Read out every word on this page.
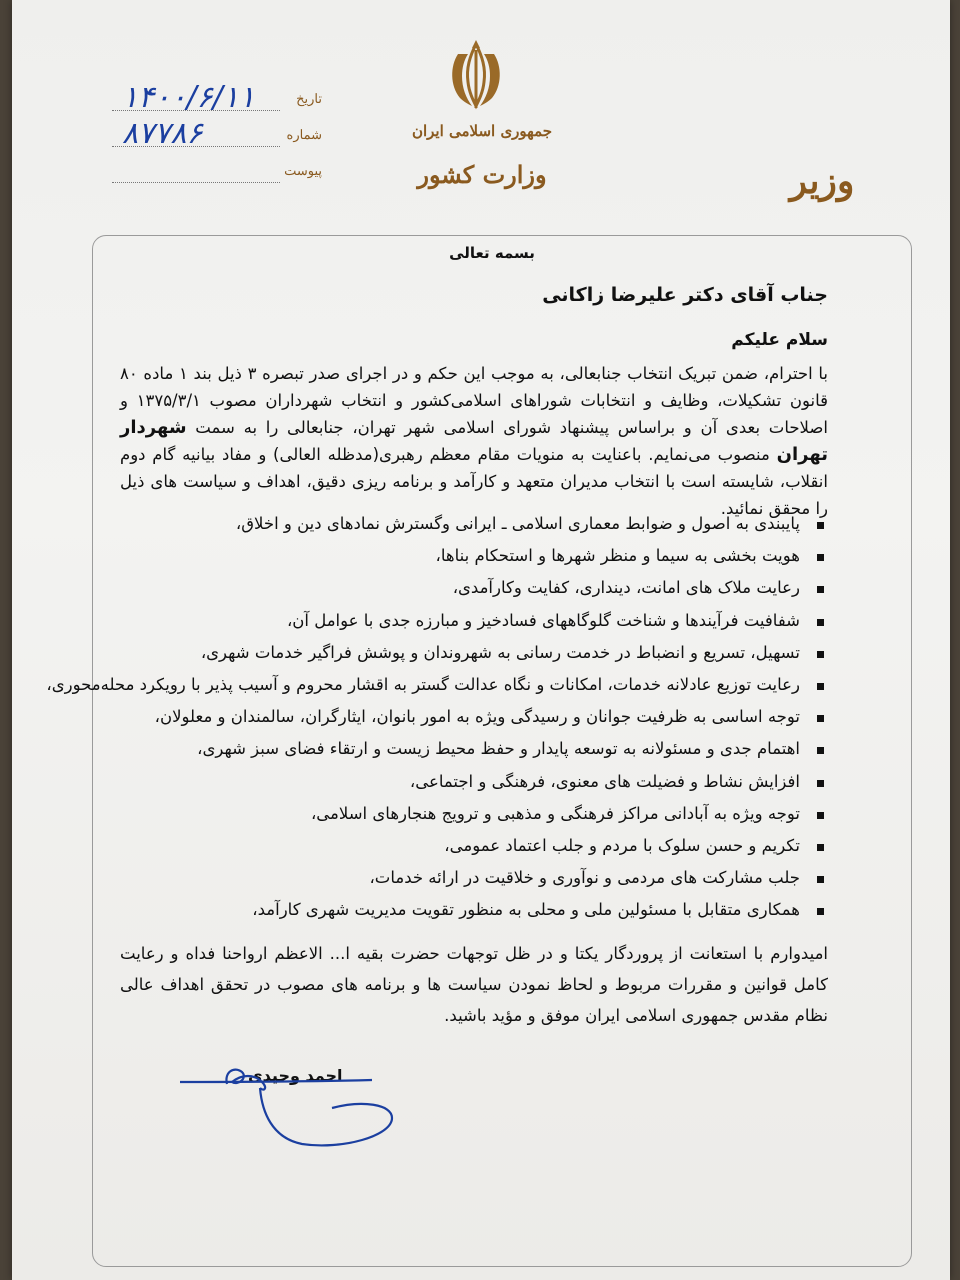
جمهوری اسلامی ایران
وزارت کشور	وزیر
۱۴۰۰/۶/۱۱	تاریخ
۸۷۷۸۶	شماره
پیوست
بسمه تعالی
جناب آقای دکتر علیرضا زاکانی
سلام علیکم
با احترام، ضمن تبریک انتخاب جنابعالی، به موجب این حکم و در اجرای صدر تبصره ۳ ذیل بند ۱ ماده ۸۰ قانون تشکیلات، وظایف و انتخابات شوراهای اسلامی‌کشور و انتخاب شهرداران مصوب ۱۳۷۵/۳/۱ و اصلاحات بعدی آن و براساس پیشنهاد شورای اسلامی شهر تهران، جنابعالی را به سمت شهردار تهران منصوب می‌نمایم. باعنایت به منویات مقام معظم رهبری(مدظله العالی) و مفاد بیانیه گام دوم انقلاب، شایسته است با انتخاب مدیران متعهد و کارآمد و برنامه ریزی دقیق، اهداف و سیاست های ذیل را محقق نمائید.
پایبندی به اصول و ضوابط معماری اسلامی ـ ایرانی وگسترش نمادهای دین و اخلاق،
هویت بخشی به سیما و منظر شهرها و استحکام بناها،
رعایت ملاک های امانت، دینداری، کفایت وکارآمدی،
شفافیت فرآیندها و شناخت گلوگاههای فسادخیز و مبارزه جدی با عوامل آن،
تسهیل، تسریع و انضباط در خدمت رسانی به شهروندان و پوشش فراگیر خدمات شهری،
رعایت توزیع عادلانه خدمات، امکانات و نگاه عدالت گستر به اقشار محروم و آسیب پذیر با رویکرد محله‌محوری،
توجه اساسی به ظرفیت جوانان و رسیدگی ویژه به امور بانوان، ایثارگران، سالمندان و معلولان،
اهتمام جدی و مسئولانه به توسعه پایدار و حفظ محیط زیست و ارتقاء فضای سبز شهری،
افزایش نشاط و فضیلت های معنوی، فرهنگی و اجتماعی،
توجه ویژه به آبادانی مراکز فرهنگی و مذهبی و ترویج هنجارهای اسلامی،
تکریم و حسن سلوک با مردم و جلب اعتماد عمومی،
جلب مشارکت های مردمی و نوآوری و خلاقیت در ارائه خدمات،
همکاری متقابل با مسئولین ملی و محلی به منظور تقویت مدیریت شهری کارآمد،
امیدوارم با استعانت از پروردگار یکتا و در ظل توجهات حضرت بقیه ا... الاعظم ارواحنا فداه و رعایت کامل قوانین و مقررات مربوط و لحاظ نمودن سیاست ها و برنامه های مصوب در تحقق اهداف عالی نظام مقدس جمهوری اسلامی ایران موفق و مؤید باشید.
احمد وحیدی
